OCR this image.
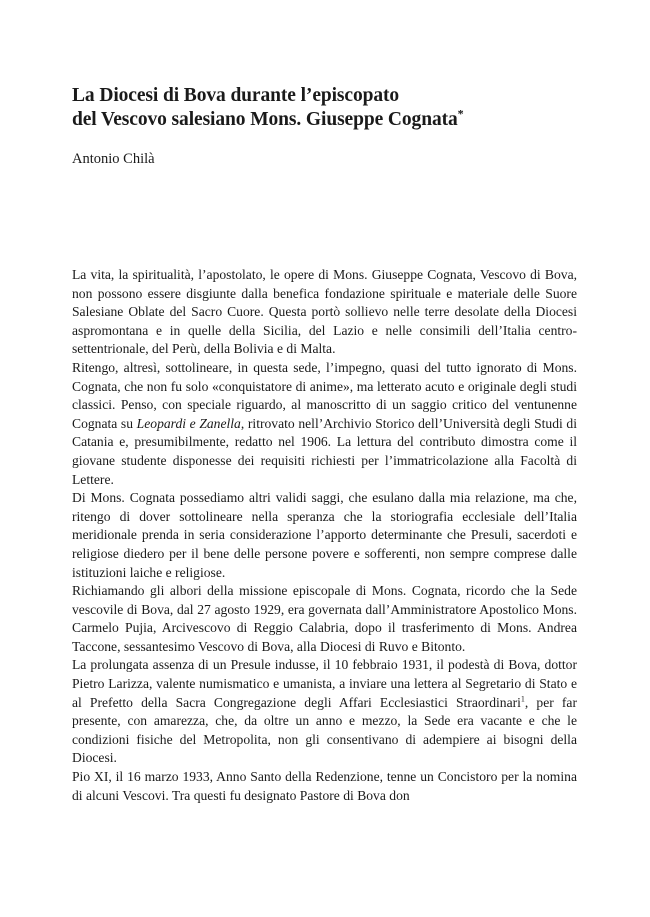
La Diocesi di Bova durante l’episcopato
del Vescovo salesiano Mons. Giuseppe Cognata*
Antonio Chilà

La vita, la spiritualità, l’apostolato, le opere di Mons. Giuseppe Cognata, Vescovo di Bova, non possono essere disgiunte dalla benefica fondazione spirituale e materiale delle Suore Salesiane Oblate del Sacro Cuore. Questa portò sollievo nelle terre desolate della Diocesi aspromontana e in quelle della Sicilia, del Lazio e nelle consimili dell’Italia centro-settentrionale, del Perù, della Bolivia e di Malta.

Ritengo, altresì, sottolineare, in questa sede, l’impegno, quasi del tutto ignorato di Mons. Cognata, che non fu solo «conquistatore di anime», ma letterato acuto e originale degli studi classici. Penso, con speciale riguardo, al manoscritto di un saggio critico del ventunenne Cognata su Leopardi e Zanella, ritrovato nell’Archivio Storico dell’Università degli Studi di Catania e, presumibilmente, redatto nel 1906. La lettura del contributo dimostra come il giovane studente disponesse dei requisiti richiesti per l’immatricolazione alla Facoltà di Lettere.

Di Mons. Cognata possediamo altri validi saggi, che esulano dalla mia relazione, ma che, ritengo di dover sottolineare nella speranza che la storiografia ecclesiale dell’Italia meridionale prenda in seria considerazione l’apporto determinante che Presuli, sacerdoti e religiose diedero per il bene delle persone povere e sofferenti, non sempre comprese dalle istituzioni laiche e religiose.

Richiamando gli albori della missione episcopale di Mons. Cognata, ricordo che la Sede vescovile di Bova, dal 27 agosto 1929, era governata dall’Amministratore Apostolico Mons. Carmelo Pujia, Arcivescovo di Reggio Calabria, dopo il trasferimento di Mons. Andrea Taccone, sessantesimo Vescovo di Bova, alla Diocesi di Ruvo e Bitonto.

La prolungata assenza di un Presule indusse, il 10 febbraio 1931, il podestà di Bova, dottor Pietro Larizza, valente numismatico e umanista, a inviare una lettera al Segretario di Stato e al Prefetto della Sacra Congregazione degli Affari Ecclesiastici Straordinari$^1$, per far presente, con amarezza, che, da oltre un anno e mezzo, la Sede era vacante e che le condizioni fisiche del Metropolita, non gli consentivano di adempiere ai bisogni della Diocesi.

Pio XI, il 16 marzo 1933, Anno Santo della Redenzione, tenne un Concistoro per la nomina di alcuni Vescovi. Tra questi fu designato Pastore di Bova don
